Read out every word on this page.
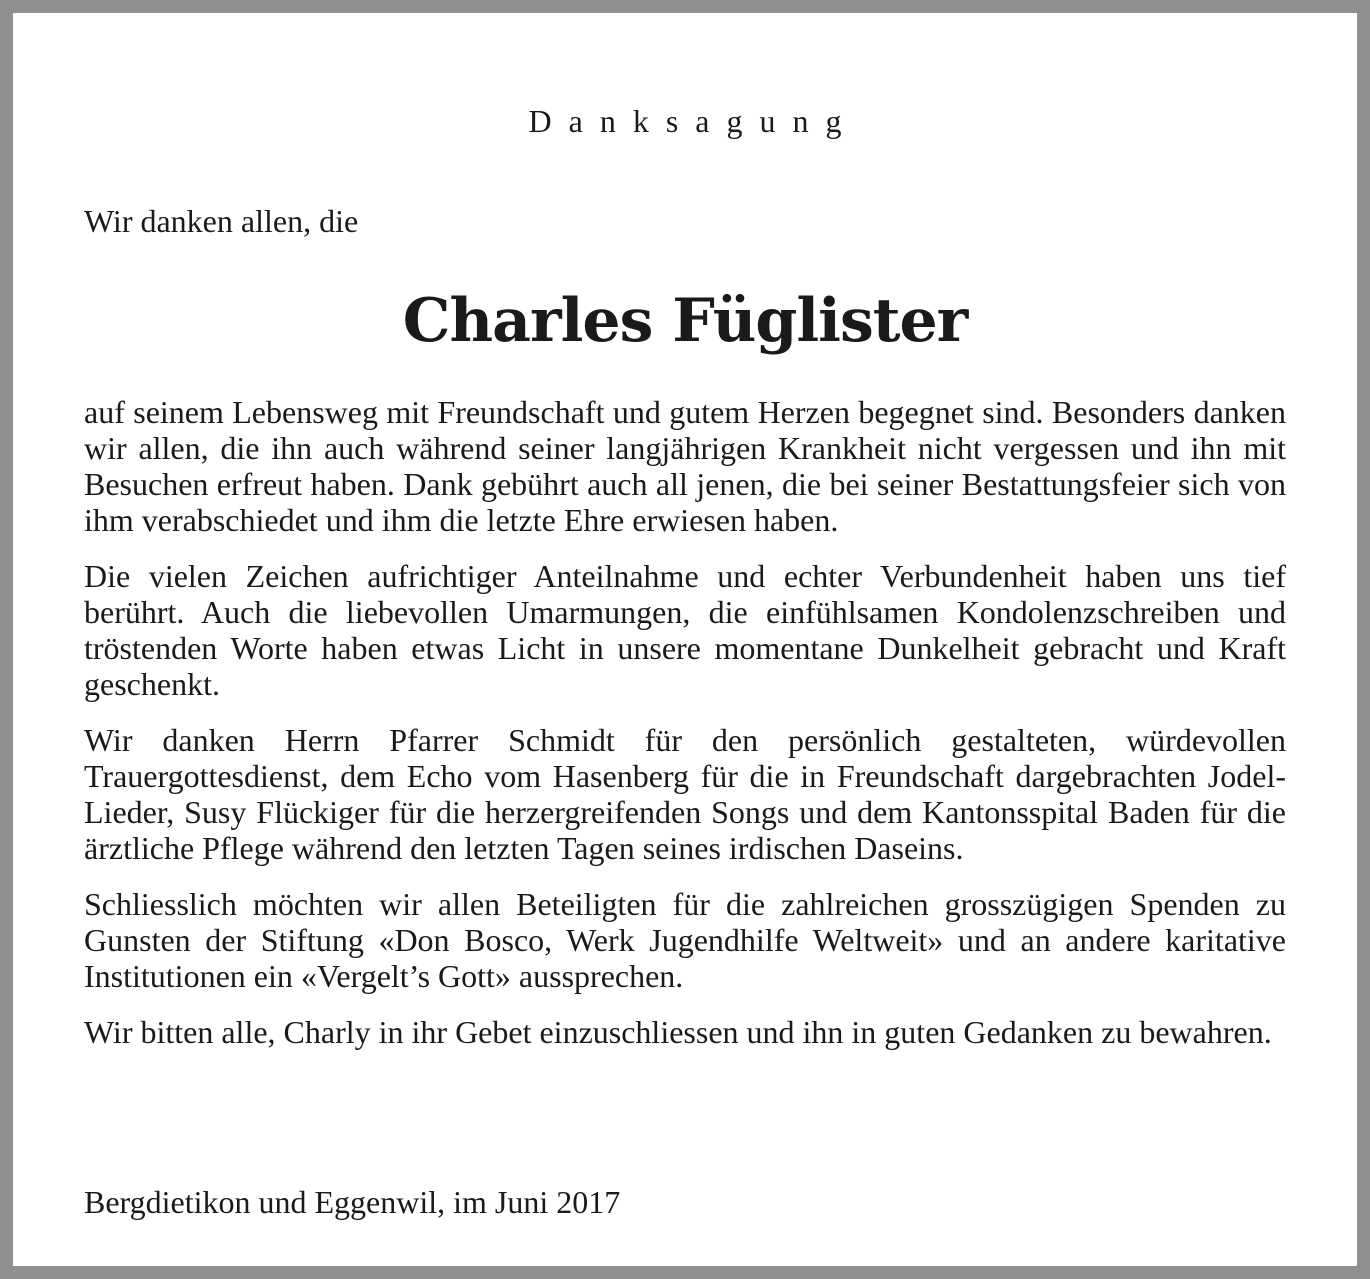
Danksagung
Wir danken allen, die
Charles Füglister

auf seinem Lebensweg mit Freundschaft und gutem Herzen begegnet sind. Besonders danken wir allen, die ihn auch während seiner langjährigen Krankheit nicht vergessen und ihn mit Besuchen erfreut haben. Dank gebührt auch all jenen, die bei seiner Bestattungsfeier sich von ihm verabschiedet und ihm die letzte Ehre erwiesen haben.

Die vielen Zeichen aufrichtiger Anteilnahme und echter Verbundenheit haben uns tief berührt. Auch die liebevollen Umarmungen, die einfühlsamen Kondolenzschreiben und tröstenden Worte haben etwas Licht in unsere momentane Dunkelheit gebracht und Kraft geschenkt.

Wir danken Herrn Pfarrer Schmidt für den persönlich gestalteten, würdevollen Trauergottesdienst, dem Echo vom Hasenberg für die in Freundschaft dargebrachten Jodel-Lieder, Susy Flückiger für die herzergreifenden Songs und dem Kantonsspital Baden für die ärztliche Pflege während den letzten Tagen seines irdischen Daseins.

Schliesslich möchten wir allen Beteiligten für die zahlreichen grosszügigen Spenden zu Gunsten der Stiftung «Don Bosco, Werk Jugendhilfe Weltweit» und an andere karitative Institutionen ein «Vergelt’s Gott» aussprechen.

Wir bitten alle, Charly in ihr Gebet einzuschliessen und ihn in guten Gedanken zu bewahren.

Bergdietikon und Eggenwil, im Juni 2017
